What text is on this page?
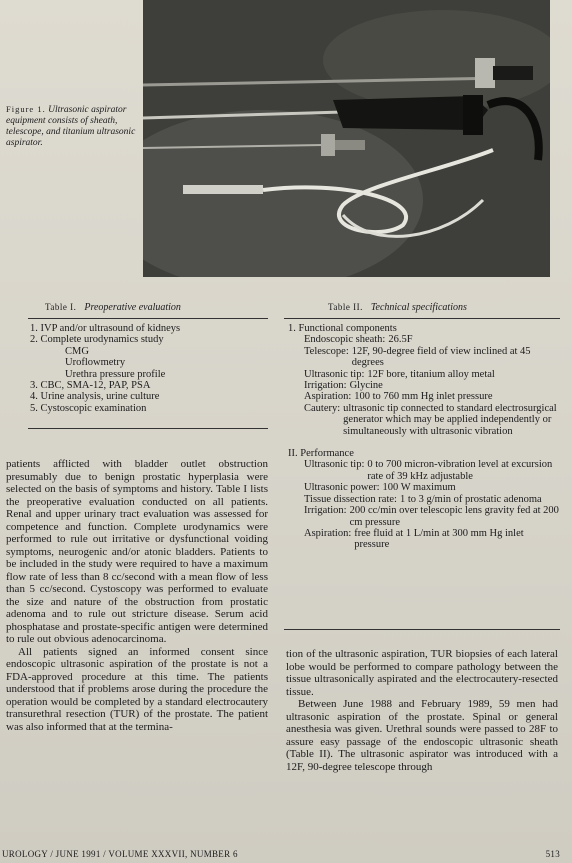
Figure 1. Ultrasonic aspirator equipment consists of sheath, telescope, and titanium ultrasonic aspirator.
Table I. Preoperative evaluation
1. IVP and/or ultrasound of kidneys
2. Complete urodynamics study
CMG
Uroflowmetry
Urethra pressure profile
3. CBC, SMA-12, PAP, PSA
4. Urine analysis, urine culture
5. Cystoscopic examination
Table II. Technical specifications
1. Functional components
Endoscopic sheath: 26.5F
Telescope: 12F, 90-degree field of view inclined at 45 degrees
Ultrasonic tip: 12F bore, titanium alloy metal
Irrigation: Glycine
Aspiration: 100 to 760 mm Hg inlet pressure
Cautery: ultrasonic tip connected to standard electrosurgical generator which may be applied independently or simultaneously with ultrasonic vibration
II. Performance
Ultrasonic tip: 0 to 700 micron-vibration level at excursion rate of 39 kHz adjustable
Ultrasonic power: 100 W maximum
Tissue dissection rate: 1 to 3 g/min of prostatic adenoma
Irrigation: 200 cc/min over telescopic lens gravity fed at 200 cm pressure
Aspiration: free fluid at 1 L/min at 300 mm Hg inlet pressure

patients afflicted with bladder outlet obstruction presumably due to benign prostatic hyperplasia were selected on the basis of symptoms and history. Table I lists the preoperative evaluation conducted on all patients. Renal and upper urinary tract evaluation was assessed for competence and function. Complete urodynamics were performed to rule out irritative or dysfunctional voiding symptoms, neurogenic and/or atonic bladders. Patients to be included in the study were required to have a maximum flow rate of less than 8 cc/second with a mean flow of less than 5 cc/second. Cystoscopy was performed to evaluate the size and nature of the obstruction from prostatic adenoma and to rule out stricture disease. Serum acid phosphatase and prostate-specific antigen were determined to rule out obvious adenocarcinoma.

All patients signed an informed consent since endoscopic ultrasonic aspiration of the prostate is not a FDA-approved procedure at this time. The patients understood that if problems arose during the procedure the operation would be completed by a standard electrocautery transurethral resection (TUR) of the prostate. The patient was also informed that at the termina-

tion of the ultrasonic aspiration, TUR biopsies of each lateral lobe would be performed to compare pathology between the tissue ultrasonically aspirated and the electrocautery-resected tissue.

Between June 1988 and February 1989, 59 men had ultrasonic aspiration of the prostate. Spinal or general anesthesia was given. Urethral sounds were passed to 28F to assure easy passage of the endoscopic ultrasonic sheath (Table II). The ultrasonic aspirator was introduced with a 12F, 90-degree telescope through

UROLOGY / JUNE 1991 / VOLUME XXXVII, NUMBER 6	513
